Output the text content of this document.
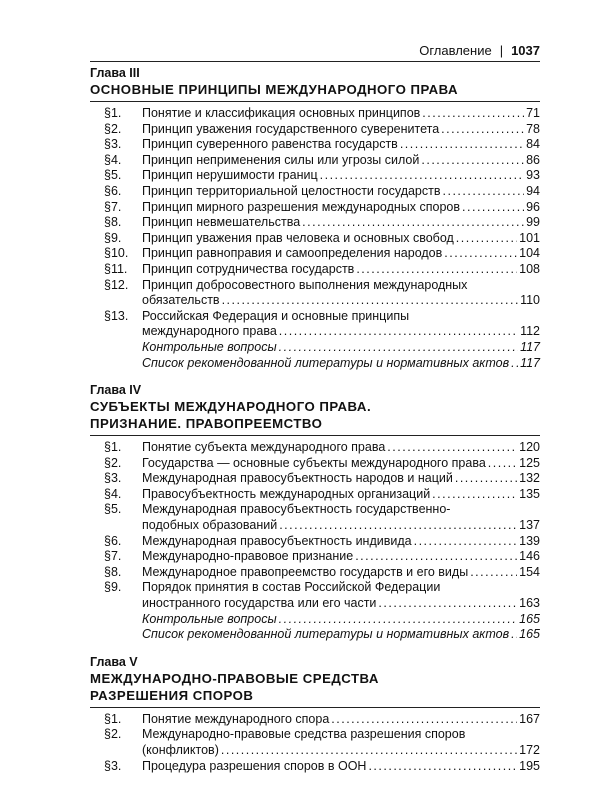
Оглавление | 1037
Глава III
ОСНОВНЫЕ ПРИНЦИПЫ МЕЖДУНАРОДНОГО ПРАВА
§1.	Понятие и классификация основных принципов .....	71
§2.	Принцип уважения государственного суверенитета .....	78
§3.	Принцип суверенного равенства государств .....	84
§4.	Принцип неприменения силы или угрозы силой .....	86
§5.	Принцип нерушимости границ .....	93
§6.	Принцип территориальной целостности государств .....	94
§7.	Принцип мирного разрешения международных споров .....	96
§8.	Принцип невмешательства .....	99
§9.	Принцип уважения прав человека и основных свобод .....	101
§10.	Принцип равноправия и самоопределения народов .....	104
§11.	Принцип сотрудничества государств .....	108
§12.	Принцип добросовестного выполнения международных
обязательств .....	110
§13.	Российская Федерация и основные принципы
международного права .....	112
Контрольные вопросы .....	117
Список рекомендованной литературы и нормативных актов ..... 117
Глава IV
СУБЪЕКТЫ МЕЖДУНАРОДНОГО ПРАВА.
ПРИЗНАНИЕ. ПРАВОПРЕЕМСТВО
§1.	Понятие субъекта международного права .....	120
§2.	Государства — основные субъекты международного права .....	125
§3.	Международная правосубъектность народов и наций .....	132
§4.	Правосубъектность международных организаций .....	135
§5.	Международная правосубъектность государственно-
подобных образований .....	137
§6.	Международная правосубъектность индивида .....	139
§7.	Международно-правовое признание .....	146
§8.	Международное правопреемство государств и его виды .....	154
§9.	Порядок принятия в состав Российской Федерации
иностранного государства или его части .....	163
Контрольные вопросы .....	165
Список рекомендованной литературы и нормативных актов ..... 165
Глава V
МЕЖДУНАРОДНО-ПРАВОВЫЕ СРЕДСТВА
РАЗРЕШЕНИЯ СПОРОВ
§1.	Понятие международного спора .....	167
§2.	Международно-правовые средства разрешения споров
(конфликтов) .....	172
§3.	Процедура разрешения споров в ООН .....	195
